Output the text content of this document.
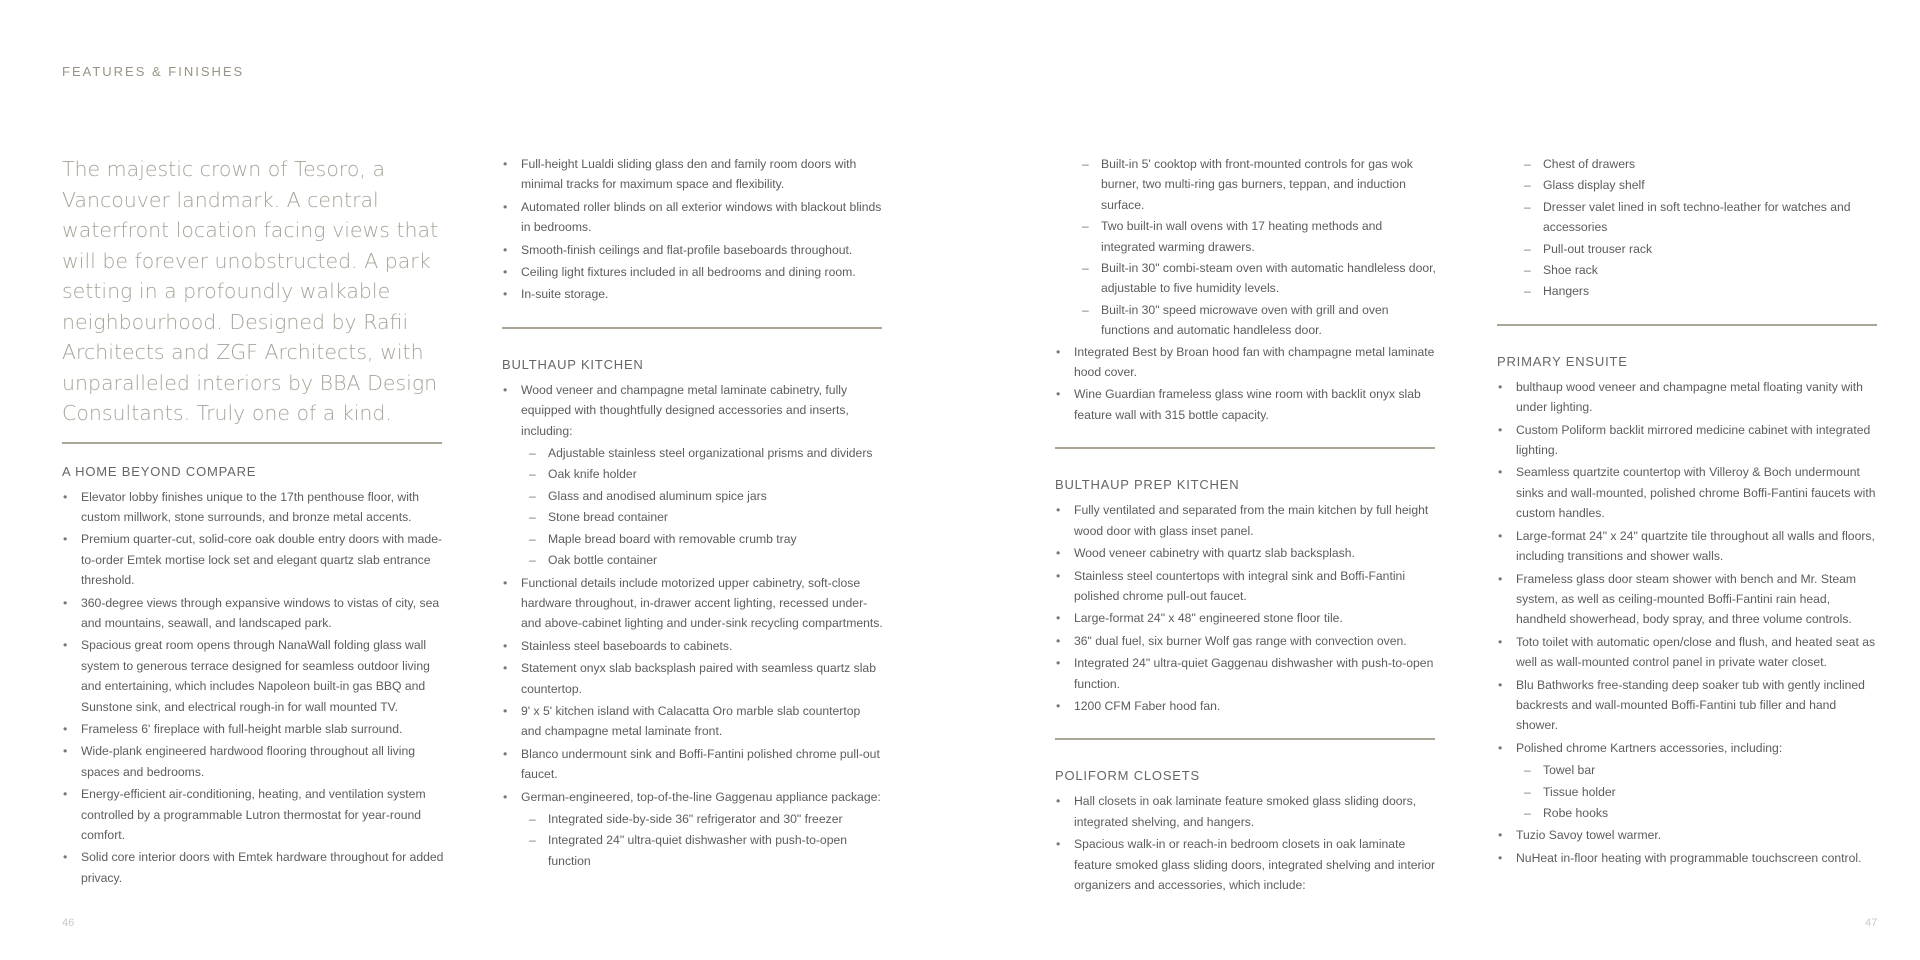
FEATURES & FINISHES

The majestic crown of Tesoro, a Vancouver landmark. A central waterfront location facing views that will be forever unobstructed. A park setting in a profoundly walkable neighbourhood. Designed by Rafii Architects and ZGF Architects, with unparalleled interiors by BBA Design Consultants. Truly one of a kind.

A HOME BEYOND COMPARE
• Elevator lobby finishes unique to the 17th penthouse floor, with custom millwork, stone surrounds, and bronze metal accents.
• Premium quarter-cut, solid-core oak double entry doors with made-to-order Emtek mortise lock set and elegant quartz slab entrance threshold.
• 360-degree views through expansive windows to vistas of city, sea and mountains, seawall, and landscaped park.
• Spacious great room opens through NanaWall folding glass wall system to generous terrace designed for seamless outdoor living and entertaining, which includes Napoleon built-in gas BBQ and Sunstone sink, and electrical rough-in for wall mounted TV.
• Frameless 6' fireplace with full-height marble slab surround.
• Wide-plank engineered hardwood flooring throughout all living spaces and bedrooms.
• Energy-efficient air-conditioning, heating, and ventilation system controlled by a programmable Lutron thermostat for year-round comfort.
• Solid core interior doors with Emtek hardware throughout for added privacy.
• Full-height Lualdi sliding glass den and family room doors with minimal tracks for maximum space and flexibility.
• Automated roller blinds on all exterior windows with blackout blinds in bedrooms.
• Smooth-finish ceilings and flat-profile baseboards throughout.
• Ceiling light fixtures included in all bedrooms and dining room.
• In-suite storage.
BULTHAUP KITCHEN
• Wood veneer and champagne metal laminate cabinetry, fully equipped with thoughtfully designed accessories and inserts, including:
– Adjustable stainless steel organizational prisms and dividers
– Oak knife holder
– Glass and anodised aluminum spice jars
– Stone bread container
– Maple bread board with removable crumb tray
– Oak bottle container
• Functional details include motorized upper cabinetry, soft-close hardware throughout, in-drawer accent lighting, recessed under- and above-cabinet lighting and under-sink recycling compartments.
• Stainless steel baseboards to cabinets.
• Statement onyx slab backsplash paired with seamless quartz slab countertop.
• 9' x 5' kitchen island with Calacatta Oro marble slab countertop and champagne metal laminate front.
• Blanco undermount sink and Boffi-Fantini polished chrome pull-out faucet.
• German-engineered, top-of-the-line Gaggenau appliance package:
– Integrated side-by-side 36" refrigerator and 30" freezer
– Integrated 24" ultra-quiet dishwasher with push-to-open function
– Built-in 5' cooktop with front-mounted controls for gas wok burner, two multi-ring gas burners, teppan, and induction surface.
– Two built-in wall ovens with 17 heating methods and integrated warming drawers.
– Built-in 30" combi-steam oven with automatic handleless door, adjustable to five humidity levels.
– Built-in 30" speed microwave oven with grill and oven functions and automatic handleless door.
• Integrated Best by Broan hood fan with champagne metal laminate hood cover.
• Wine Guardian frameless glass wine room with backlit onyx slab feature wall with 315 bottle capacity.
BULTHAUP PREP KITCHEN
• Fully ventilated and separated from the main kitchen by full height wood door with glass inset panel.
• Wood veneer cabinetry with quartz slab backsplash.
• Stainless steel countertops with integral sink and Boffi-Fantini polished chrome pull-out faucet.
• Large-format 24" x 48" engineered stone floor tile.
• 36" dual fuel, six burner Wolf gas range with convection oven.
• Integrated 24" ultra-quiet Gaggenau dishwasher with push-to-open function.
• 1200 CFM Faber hood fan.
POLIFORM CLOSETS
• Hall closets in oak laminate feature smoked glass sliding doors, integrated shelving, and hangers.
• Spacious walk-in or reach-in bedroom closets in oak laminate feature smoked glass sliding doors, integrated shelving and interior organizers and accessories, which include:
– Chest of drawers
– Glass display shelf
– Dresser valet lined in soft techno-leather for watches and accessories
– Pull-out trouser rack
– Shoe rack
– Hangers
PRIMARY ENSUITE
• bulthaup wood veneer and champagne metal floating vanity with under lighting.
• Custom Poliform backlit mirrored medicine cabinet with integrated lighting.
• Seamless quartzite countertop with Villeroy & Boch undermount sinks and wall-mounted, polished chrome Boffi-Fantini faucets with custom handles.
• Large-format 24" x 24" quartzite tile throughout all walls and floors, including transitions and shower walls.
• Frameless glass door steam shower with bench and Mr. Steam system, as well as ceiling-mounted Boffi-Fantini rain head, handheld showerhead, body spray, and three volume controls.
• Toto toilet with automatic open/close and flush, and heated seat as well as wall-mounted control panel in private water closet.
• Blu Bathworks free-standing deep soaker tub with gently inclined backrests and wall-mounted Boffi-Fantini tub filler and hand shower.
• Polished chrome Kartners accessories, including:
– Towel bar
– Tissue holder
– Robe hooks
• Tuzio Savoy towel warmer.
• NuHeat in-floor heating with programmable touchscreen control.
46	47
